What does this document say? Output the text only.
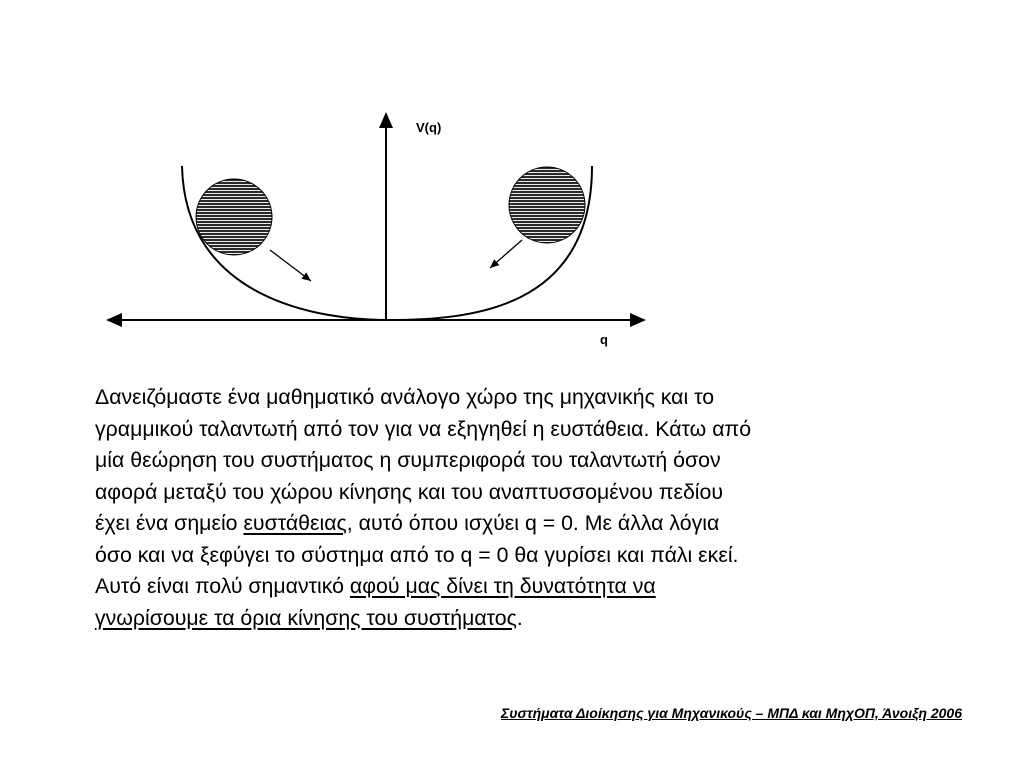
V(q)
q
Δανειζόμαστε ένα μαθηματικό ανάλογο χώρο της μηχανικής και το
γραμμικού ταλαντωτή από τον για να εξηγηθεί η ευστάθεια. Κάτω από
μία θεώρηση του συστήματος η συμπεριφορά του ταλαντωτή όσον
αφορά μεταξύ του χώρου κίνησης και του αναπτυσσομένου πεδίου
έχει ένα σημείο ευστάθειας, αυτό όπου ισχύει q = 0. Με άλλα λόγια
όσο και να ξεφύγει το σύστημα από το q = 0 θα γυρίσει και πάλι εκεί.
Αυτό είναι πολύ σημαντικό αφού μας δίνει τη δυνατότητα να
γνωρίσουμε τα όρια κίνησης του συστήματος.
Συστήματα Διοίκησης για Μηχανικούς – ΜΠΔ και ΜηχΟΠ, Άνοιξη 2006
